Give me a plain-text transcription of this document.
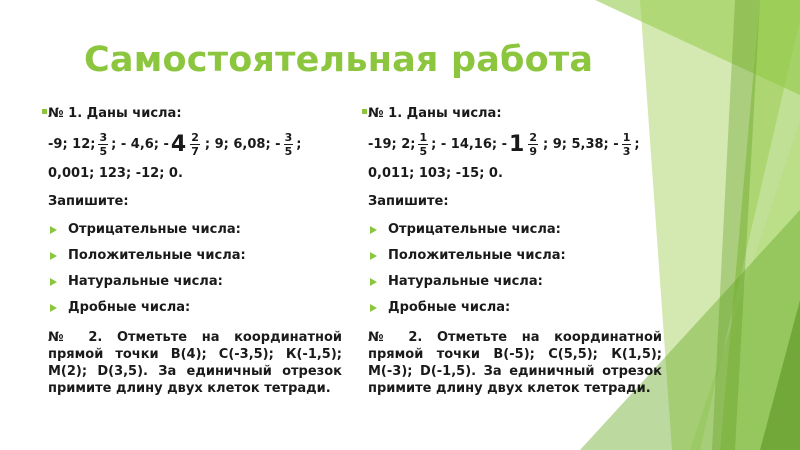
Самостоятельная работа

№ 1. Даны числа:

-9; 12; $\frac{3}{5}$ ; - 4,6; - $4 \frac{2}{7}$ ; 9; 6,08; - $\frac{3}{5}$ ;

0,001; 123; -12; 0.

Запишите:

Отрицательные числа:
Положительные числа:
Натуральные числа:
Дробные числа:

№ 2. Отметьте на координатной прямой точки В(4); С(-3,5); К(-1,5); М(2); D(3,5). За единичный отрезок примите длину двух клеток тетради.

№ 1. Даны числа:

-19; 2; $\frac{1}{5}$ ; - 14,16; - $1 \frac{2}{9}$ ; 9; 5,38; - $\frac{1}{3}$ ;

0,011; 103; -15; 0.

Запишите:

Отрицательные числа:
Положительные числа:
Натуральные числа:
Дробные числа:

№ 2. Отметьте на координатной прямой точки В(-5); С(5,5); К(1,5); М(-3); D(-1,5). За единичный отрезок примите длину двух клеток тетради.
